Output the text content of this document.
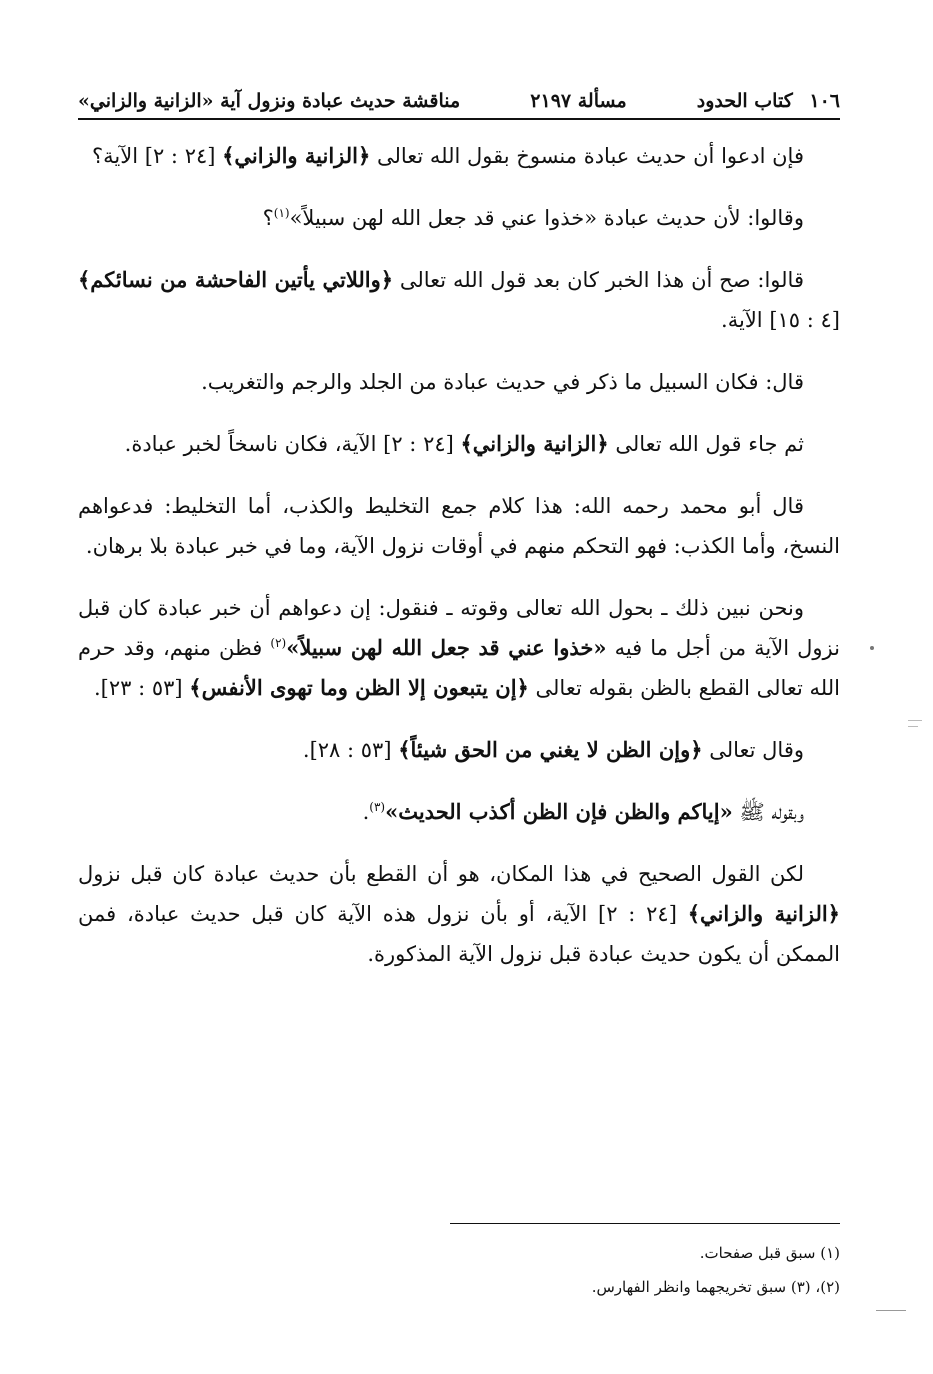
١٠٦ كتاب الحدود
مسألة ٢١٩٧
مناقشة حديث عبادة ونزول آية «الزانية والزاني»

فإن ادعوا أن حديث عبادة منسوخ بقول الله تعالى ﴿الزانية والزاني﴾ [٢٤ : ٢] الآية؟

وقالوا: لأن حديث عبادة «خذوا عني قد جعل الله لهن سبيلاً»$^{(١)}$؟

قالوا: صح أن هذا الخبر كان بعد قول الله تعالى ﴿واللاتي يأتين الفاحشة من نسائكم﴾ [٤ : ١٥] الآية.

قال: فكان السبيل ما ذكر في حديث عبادة من الجلد والرجم والتغريب.

ثم جاء قول الله تعالى ﴿الزانية والزاني﴾ [٢٤ : ٢] الآية، فكان ناسخاً لخبر عبادة.

قال أبو محمد رحمه الله: هذا كلام جمع التخليط والكذب، أما التخليط: فدعواهم النسخ، وأما الكذب: فهو التحكم منهم في أوقات نزول الآية، وما في خبر عبادة بلا برهان.

ونحن نبين ذلك ـ بحول الله تعالى وقوته ـ فنقول: إن دعواهم أن خبر عبادة كان قبل نزول الآية من أجل ما فيه «خذوا عني قد جعل الله لهن سبيلاً»$^{(٢)}$ فظن منهم، وقد حرم الله تعالى القطع بالظن بقوله تعالى ﴿إن يتبعون إلا الظن وما تهوى الأنفس﴾ [٥٣ : ٢٣].

وقال تعالى ﴿وإن الظن لا يغني من الحق شيئاً﴾ [٥٣ : ٢٨].

وبقوله ﷺ «إياكم والظن فإن الظن أكذب الحديث»$^{(٣)}$.

لكن القول الصحيح في هذا المكان، هو أن القطع بأن حديث عبادة كان قبل نزول ﴿الزانية والزاني﴾ [٢٤ : ٢] الآية، أو بأن نزول هذه الآية كان قبل حديث عبادة، فمن الممكن أن يكون حديث عبادة قبل نزول الآية المذكورة.

(١) سبق قبل صفحات.
(٢)، (٣) سبق تخريجهما وانظر الفهارس.
